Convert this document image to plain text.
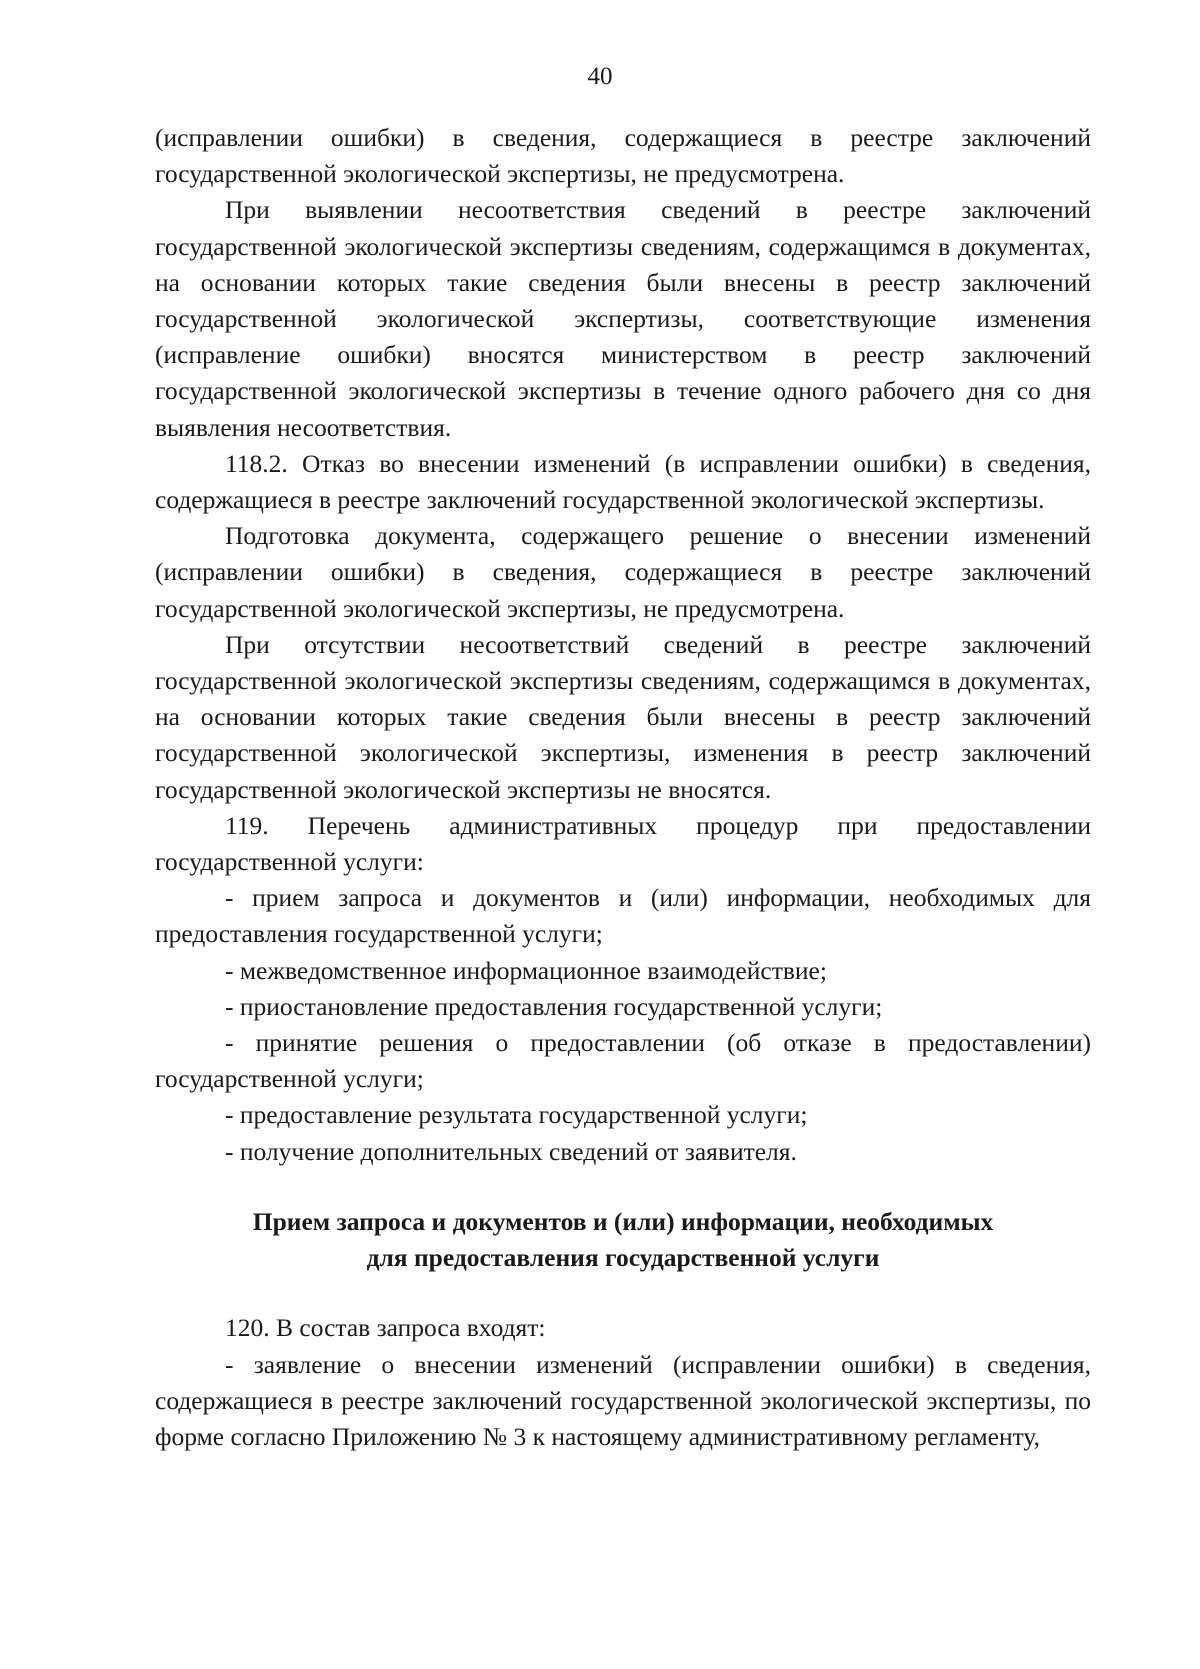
40

(исправлении ошибки) в сведения, содержащиеся в реестре заключений государственной экологической экспертизы, не предусмотрена.

При выявлении несоответствия сведений в реестре заключений государственной экологической экспертизы сведениям, содержащимся в документах, на основании которых такие сведения были внесены в реестр заключений государственной экологической экспертизы, соответствующие изменения (исправление ошибки) вносятся министерством в реестр заключений государственной экологической экспертизы в течение одного рабочего дня со дня выявления несоответствия.

118.2. Отказ во внесении изменений (в исправлении ошибки) в сведения, содержащиеся в реестре заключений государственной экологической экспертизы.

Подготовка документа, содержащего решение о внесении изменений (исправлении ошибки) в сведения, содержащиеся в реестре заключений государственной экологической экспертизы, не предусмотрена.

При отсутствии несоответствий сведений в реестре заключений государственной экологической экспертизы сведениям, содержащимся в документах, на основании которых такие сведения были внесены в реестр заключений государственной экологической экспертизы, изменения в реестр заключений государственной экологической экспертизы не вносятся.

119. Перечень административных процедур при предоставлении государственной услуги:

- прием запроса и документов и (или) информации, необходимых для предоставления государственной услуги;

- межведомственное информационное взаимодействие;

- приостановление предоставления государственной услуги;

- принятие решения о предоставлении (об отказе в предоставлении) государственной услуги;

- предоставление результата государственной услуги;

- получение дополнительных сведений от заявителя.

Прием запроса и документов и (или) информации, необходимых
для предоставления государственной услуги

120. В состав запроса входят:

- заявление о внесении изменений (исправлении ошибки) в сведения, содержащиеся в реестре заключений государственной экологической экспертизы, по форме согласно Приложению № 3 к настоящему административному регламенту,
